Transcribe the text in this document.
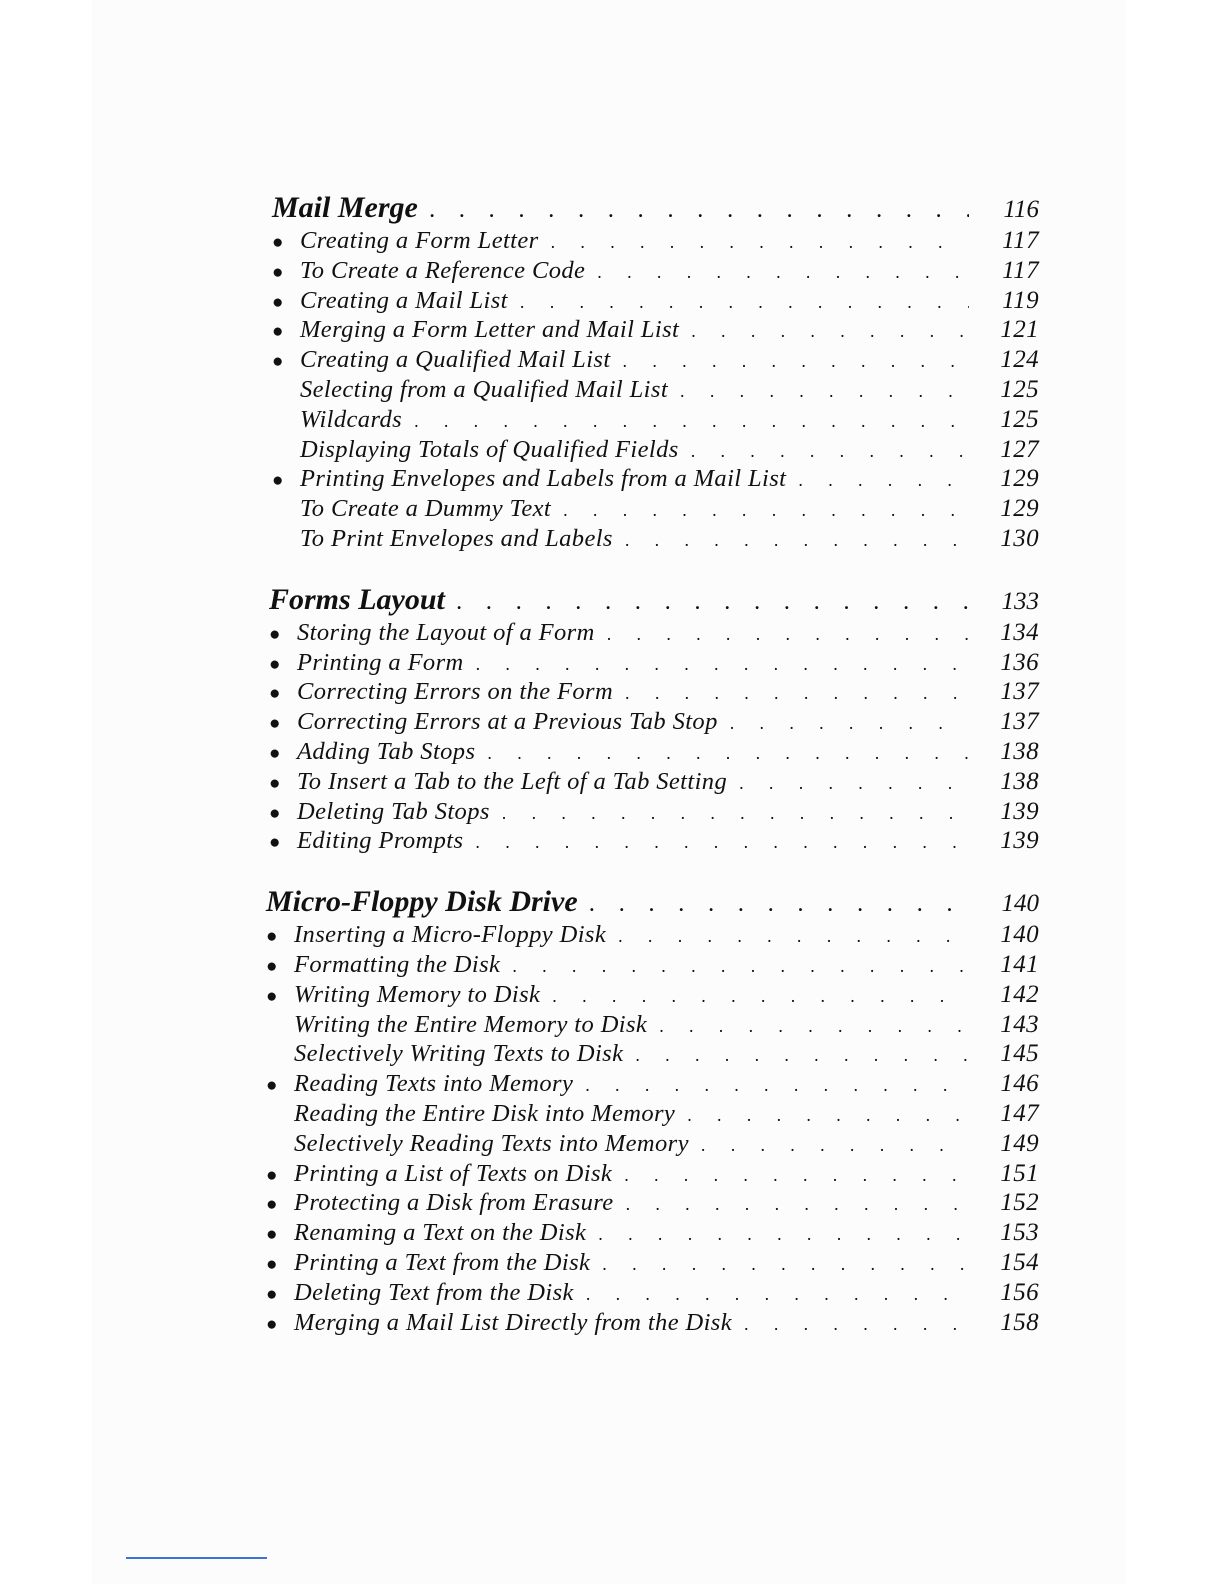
Mail Merge . . .	116
● Creating a Form Letter . . .	117
● To Create a Reference Code . . .	117
● Creating a Mail List . . .	119
● Merging a Form Letter and Mail List . . .	121
● Creating a Qualified Mail List . . .	124
Selecting from a Qualified Mail List . . .	125
Wildcards . . .	125
Displaying Totals of Qualified Fields . . .	127
● Printing Envelopes and Labels from a Mail List . . .	129
To Create a Dummy Text . . .	129
To Print Envelopes and Labels . . .	130
Forms Layout . . .	133
● Storing the Layout of a Form . . .	134
● Printing a Form . . .	136
● Correcting Errors on the Form . . .	137
● Correcting Errors at a Previous Tab Stop . . .	137
● Adding Tab Stops . . .	138
● To Insert a Tab to the Left of a Tab Setting . . .	138
● Deleting Tab Stops . . .	139
● Editing Prompts . . .	139
Micro-Floppy Disk Drive . . .	140
● Inserting a Micro-Floppy Disk . . .	140
● Formatting the Disk . . .	141
● Writing Memory to Disk . . .	142
Writing the Entire Memory to Disk . . .	143
Selectively Writing Texts to Disk . . .	145
● Reading Texts into Memory . . .	146
Reading the Entire Disk into Memory . . .	147
Selectively Reading Texts into Memory . . .	149
● Printing a List of Texts on Disk . . .	151
● Protecting a Disk from Erasure . . .	152
● Renaming a Text on the Disk . . .	153
● Printing a Text from the Disk . . .	154
● Deleting Text from the Disk . . .	156
● Merging a Mail List Directly from the Disk . . .	158
